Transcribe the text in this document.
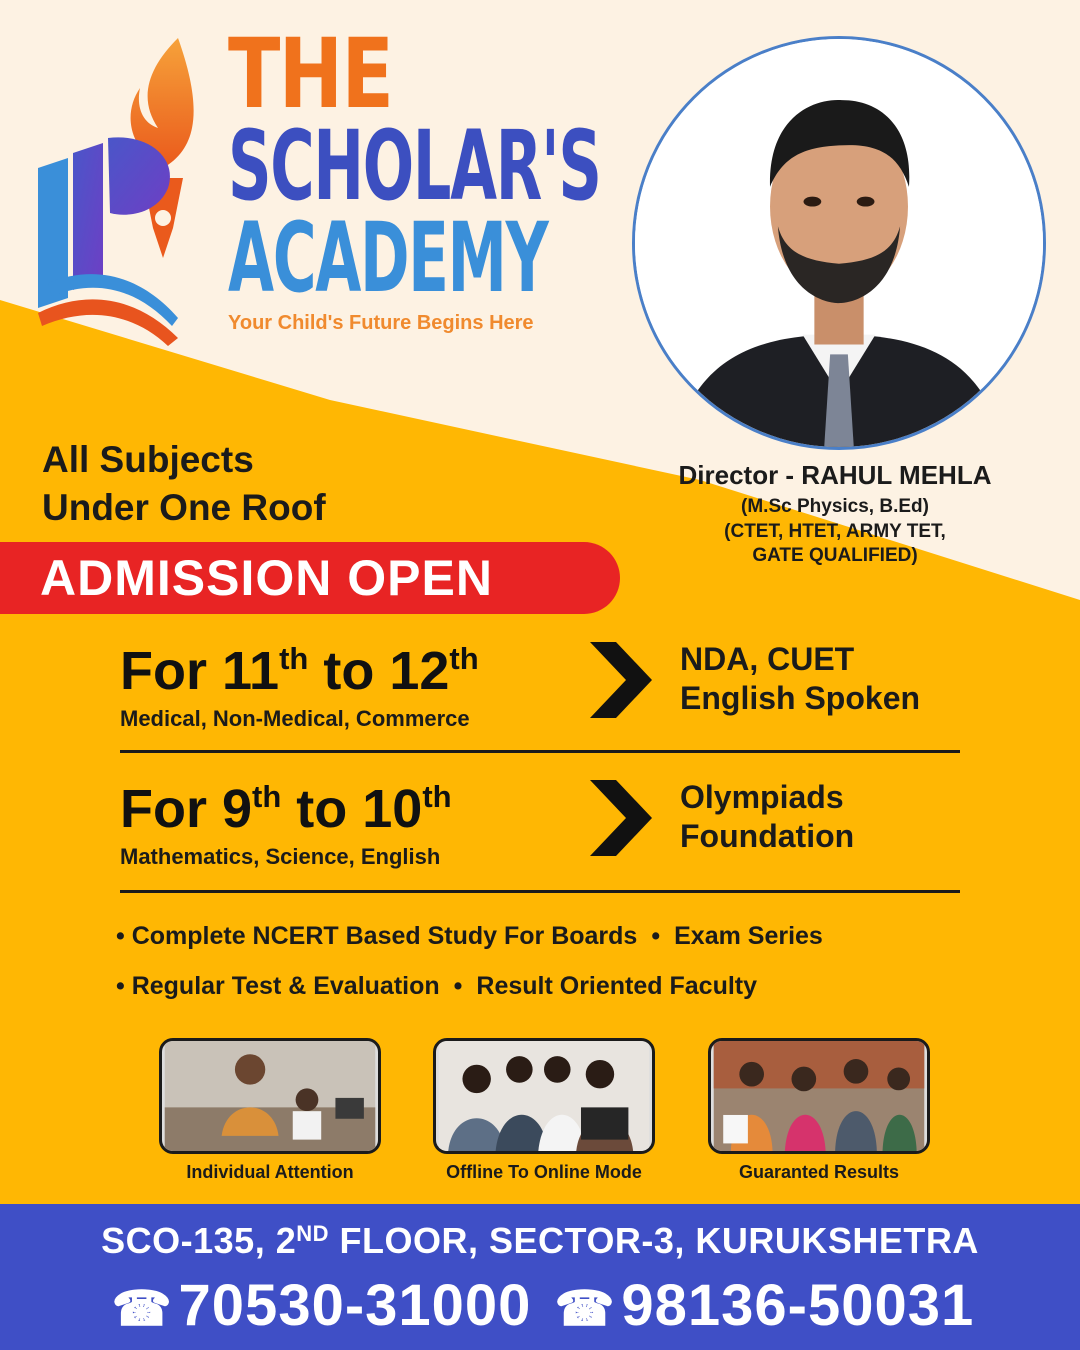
THE
SCHOLAR'S
ACADEMY
Your Child's Future Begins Here
Director - RAHUL MEHLA
(M.Sc Physics, B.Ed)
(CTET, HTET, ARMY TET,
GATE QUALIFIED)
All Subjects
Under One Roof
ADMISSION OPEN
For 11th to 12th
Medical, Non-Medical, Commerce
NDA, CUET
English Spoken
For 9th to 10th
Mathematics, Science, English
Olympiads
Foundation
• Complete NCERT Based Study For Boards • Exam Series
• Regular Test & Evaluation • Result Oriented Faculty
Individual Attention	Offline To Online Mode	Guaranted Results
SCO-135, 2ND FLOOR, SECTOR-3, KURUKSHETRA
☎ 70530-31000 ☎ 98136-50031
